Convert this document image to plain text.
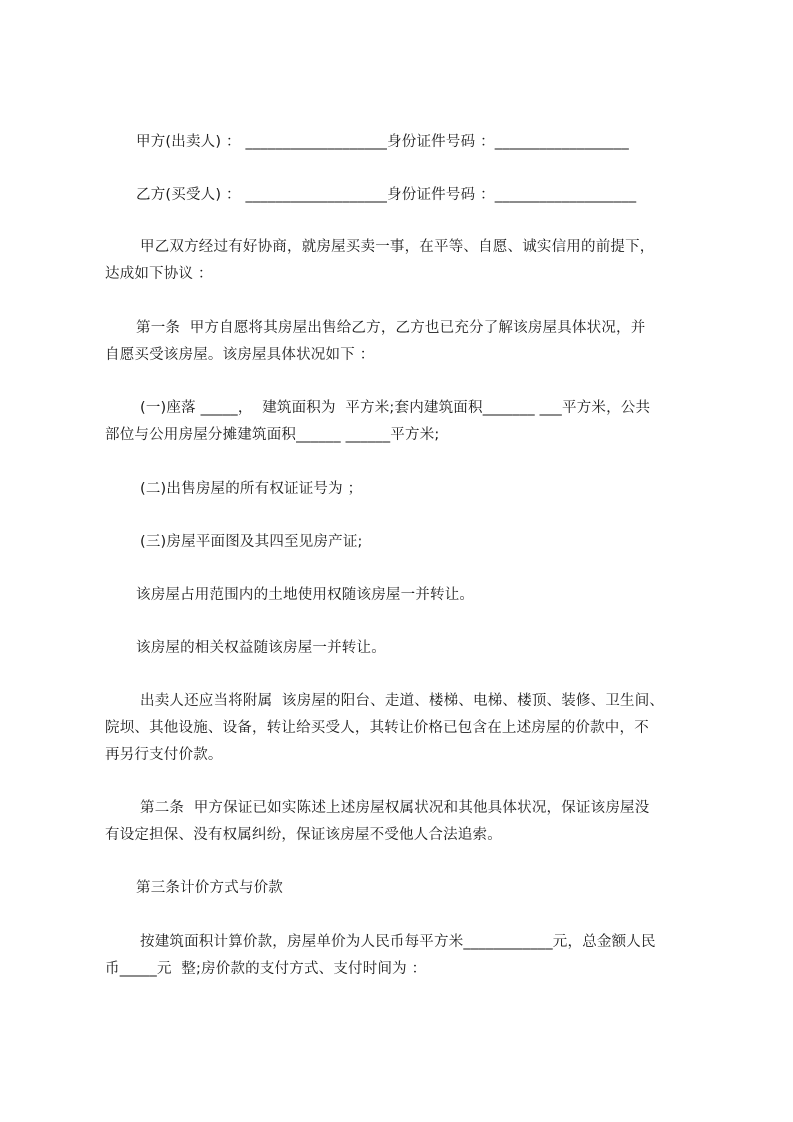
甲方(出卖人) ： ___________________身份证件号码 ：__________________
乙方(买受人) ： ___________________身份证件号码 ：___________________
甲乙双方经过有好协商，就房屋买卖一事，在平等、自愿、诚实信用的前提下，
达成如下协议 ：
第一条  甲方自愿将其房屋出售给乙方，乙方也已充分了解该房屋具体状况，并
自愿买受该房屋。该房屋具体状况如下 ：
(一)座落 _____，  建筑面积为  平方米;套内建筑面积_______ ___平方米，公共
部位与公用房屋分摊建筑面积______ ______平方米;
(二)出售房屋的所有权证证号为 ；
(三)房屋平面图及其四至见房产证;
该房屋占用范围内的土地使用权随该房屋一并转让。
该房屋的相关权益随该房屋一并转让。
出卖人还应当将附属  该房屋的阳台、走道、楼梯、电梯、楼顶、装修、卫生间、
院坝、其他设施、设备，转让给买受人，其转让价格已包含在上述房屋的价款中，不
再另行支付价款。
第二条  甲方保证已如实陈述上述房屋权属状况和其他具体状况，保证该房屋没
有设定担保、没有权属纠纷，保证该房屋不受他人合法追索。
第三条计价方式与价款
按建筑面积计算价款，房屋单价为人民币每平方米____________元，总金额人民
币_____元  整;房价款的支付方式、支付时间为 ：
